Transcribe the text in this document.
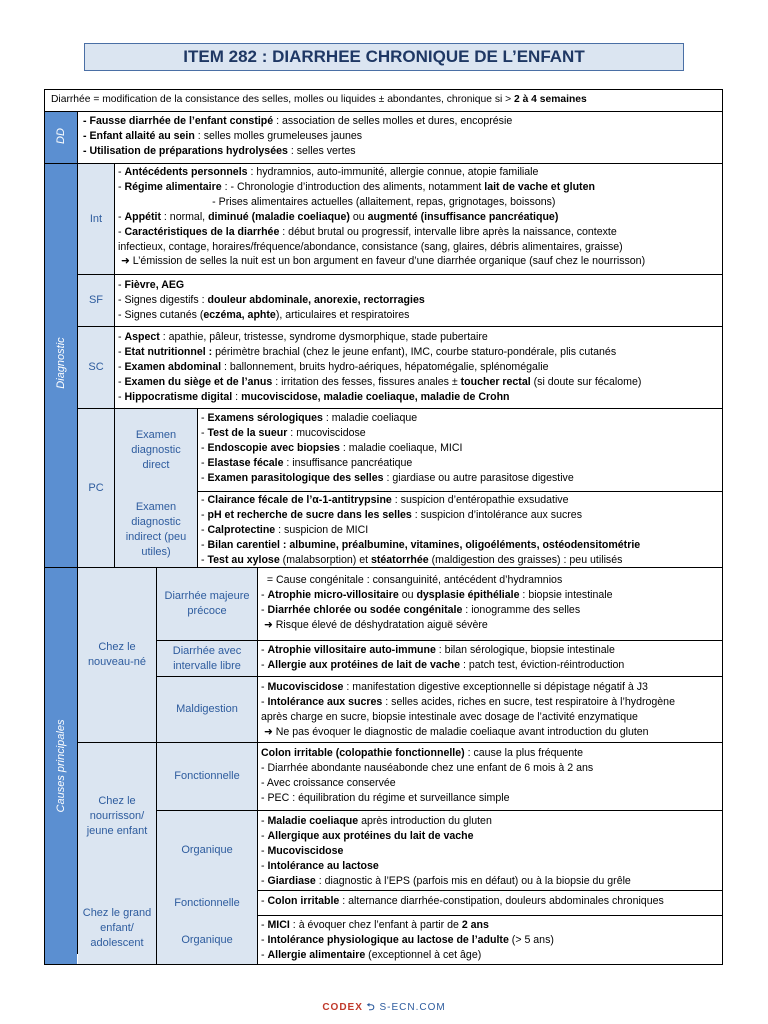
ITEM 282 : DIARRHEE CHRONIQUE DE L’ENFANT
Diarrhée = modification de la consistance des selles, molles ou liquides ± abondantes, chronique si > 2 à 4 semaines
DD
- Fausse diarrhée de l’enfant constipé : association de selles molles et dures, encoprésie
- Enfant allaité au sein : selles molles grumeleuses jaunes
- Utilisation de préparations hydrolysées : selles vertes
Diagnostic
Int
- Antécédents personnels : hydramnios, auto-immunité, allergie connue, atopie familiale
- Régime alimentaire : - Chronologie d’introduction des aliments, notamment lait de vache et gluten
- Prises alimentaires actuelles (allaitement, repas, grignotages, boissons)
- Appétit : normal, diminué (maladie coeliaque) ou augmenté (insuffisance pancréatique)
- Caractéristiques de la diarrhée : début brutal ou progressif, intervalle libre après la naissance, contexte
infectieux, contage, horaires/fréquence/abondance, consistance (sang, glaires, débris alimentaires, graisse)
➜ L’émission de selles la nuit est un bon argument en faveur d’une diarrhée organique (sauf chez le nourrisson)
SF
- Fièvre, AEG
- Signes digestifs : douleur abdominale, anorexie, rectorragies
- Signes cutanés (eczéma, aphte), articulaires et respiratoires
SC
- Aspect : apathie, pâleur, tristesse, syndrome dysmorphique, stade pubertaire
- Etat nutritionnel : périmètre brachial (chez le jeune enfant), IMC, courbe staturo-pondérale, plis cutanés
- Examen abdominal : ballonnement, bruits hydro-aériques, hépatomégalie, splénomégalie
- Examen du siège et de l’anus : irritation des fesses, fissures anales ± toucher rectal (si doute sur fécalome)
- Hippocratisme digital : mucoviscidose, maladie coeliaque, maladie de Crohn
PC
Examen diagnostic direct
- Examens sérologiques : maladie coeliaque
- Test de la sueur : mucoviscidose
- Endoscopie avec biopsies : maladie coeliaque, MICI
- Elastase fécale : insuffisance pancréatique
- Examen parasitologique des selles : giardiase ou autre parasitose digestive
Examen diagnostic indirect (peu utiles)
- Clairance fécale de l’α-1-antitrypsine : suspicion d’entéropathie exsudative
- pH et recherche de sucre dans les selles : suspicion d’intolérance aux sucres
- Calprotectine : suspicion de MICI
- Bilan carentiel : albumine, préalbumine, vitamines, oligoéléments, ostéodensitométrie
- Test au xylose (malabsorption) et stéatorrhée (maldigestion des graisses) : peu utilisés
Causes principales
Chez le nouveau-né
Diarrhée majeure précoce
= Cause congénitale : consanguinité, antécédent d’hydramnios
- Atrophie micro-villositaire ou dysplasie épithéliale : biopsie intestinale
- Diarrhée chlorée ou sodée congénitale : ionogramme des selles
➜ Risque élevé de déshydratation aiguë sévère
Diarrhée avec intervalle libre
- Atrophie villositaire auto-immune : bilan sérologique, biopsie intestinale
- Allergie aux protéines de lait de vache : patch test, éviction-réintroduction
Maldigestion
- Mucoviscidose : manifestation digestive exceptionnelle si dépistage négatif à J3
- Intolérance aux sucres : selles acides, riches en sucre, test respiratoire à l’hydrogène
après charge en sucre, biopsie intestinale avec dosage de l’activité enzymatique
➜ Ne pas évoquer le diagnostic de maladie coeliaque avant introduction du gluten
Chez le nourrisson/ jeune enfant
Fonctionnelle
Colon irritable (colopathie fonctionnelle) : cause la plus fréquente
- Diarrhée abondante nauséabonde chez une enfant de 6 mois à 2 ans
- Avec croissance conservée
- PEC : équilibration du régime et surveillance simple
Organique
- Maladie coeliaque après introduction du gluten
- Allergique aux protéines du lait de vache
- Mucoviscidose
- Intolérance au lactose
- Giardiase : diagnostic à l’EPS (parfois mis en défaut) ou à la biopsie du grêle
Chez le grand enfant/ adolescent
Fonctionnelle	- Colon irritable : alternance diarrhée-constipation, douleurs abdominales chroniques
Organique
- MICI : à évoquer chez l’enfant à partir de 2 ans
- Intolérance physiologique au lactose de l’adulte (> 5 ans)
- Allergie alimentaire (exceptionnel à cet âge)
CODEX ⮌ S-ECN.COM
